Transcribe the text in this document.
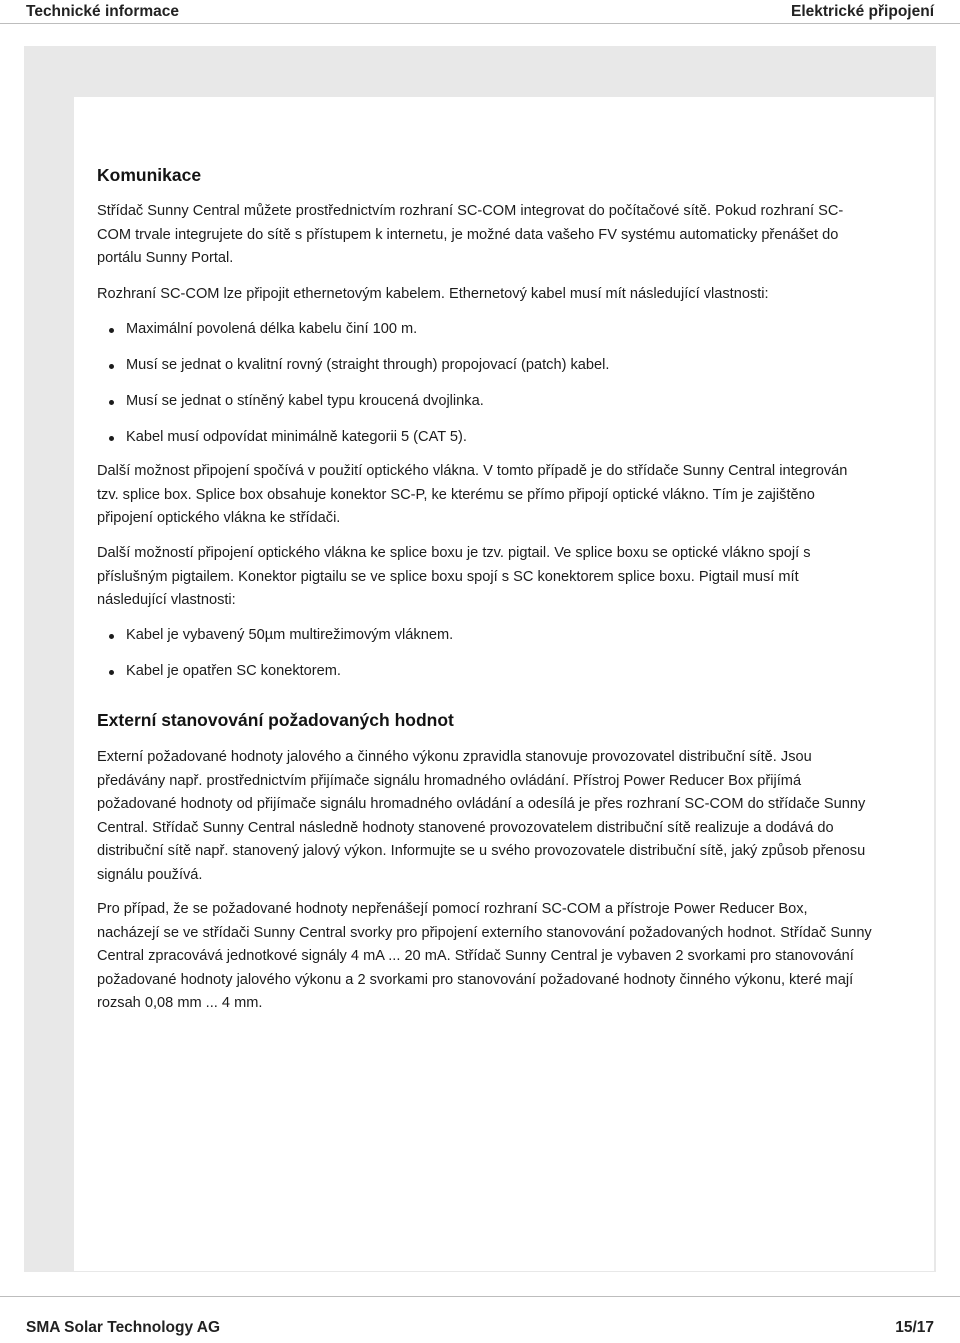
Technické informace	Elektrické připojení
Komunikace

Střídač Sunny Central můžete prostřednictvím rozhraní SC-COM integrovat do počítačové sítě. Pokud rozhraní SC-COM trvale integrujete do sítě s přístupem k internetu, je možné data vašeho FV systému automaticky přenášet do portálu Sunny Portal.

Rozhraní SC-COM lze připojit ethernetovým kabelem. Ethernetový kabel musí mít následující vlastnosti:

Maximální povolená délka kabelu činí 100 m.
Musí se jednat o kvalitní rovný (straight through) propojovací (patch) kabel.
Musí se jednat o stíněný kabel typu kroucená dvojlinka.
Kabel musí odpovídat minimálně kategorii 5 (CAT 5).

Další možnost připojení spočívá v použití optického vlákna. V tomto případě je do střídače Sunny Central integrován tzv. splice box. Splice box obsahuje konektor SC-P, ke kterému se přímo připojí optické vlákno. Tím je zajištěno připojení optického vlákna ke střídači.

Další možností připojení optického vlákna ke splice boxu je tzv. pigtail. Ve splice boxu se optické vlákno spojí s příslušným pigtailem. Konektor pigtailu se ve splice boxu spojí s SC konektorem splice boxu. Pigtail musí mít následující vlastnosti:

Kabel je vybavený 50µm multirežimovým vláknem.
Kabel je opatřen SC konektorem.
Externí stanovování požadovaných hodnot

Externí požadované hodnoty jalového a činného výkonu zpravidla stanovuje provozovatel distribuční sítě. Jsou předávány např. prostřednictvím přijímače signálu hromadného ovládání. Přístroj Power Reducer Box přijímá požadované hodnoty od přijímače signálu hromadného ovládání a odesílá je přes rozhraní SC-COM do střídače Sunny Central. Střídač Sunny Central následně hodnoty stanovené provozovatelem distribuční sítě realizuje a dodává do distribuční sítě např. stanovený jalový výkon. Informujte se u svého provozovatele distribuční sítě, jaký způsob přenosu signálu používá.

Pro případ, že se požadované hodnoty nepřenášejí pomocí rozhraní SC-COM a přístroje Power Reducer Box, nacházejí se ve střídači Sunny Central svorky pro připojení externího stanovování požadovaných hodnot. Střídač Sunny Central zpracovává jednotkové signály 4 mA ... 20 mA. Střídač Sunny Central je vybaven 2 svorkami pro stanovování požadované hodnoty jalového výkonu a 2 svorkami pro stanovování požadované hodnoty činného výkonu, které mají rozsah 0,08 mm ... 4 mm.

SMA Solar Technology AG	15/17
